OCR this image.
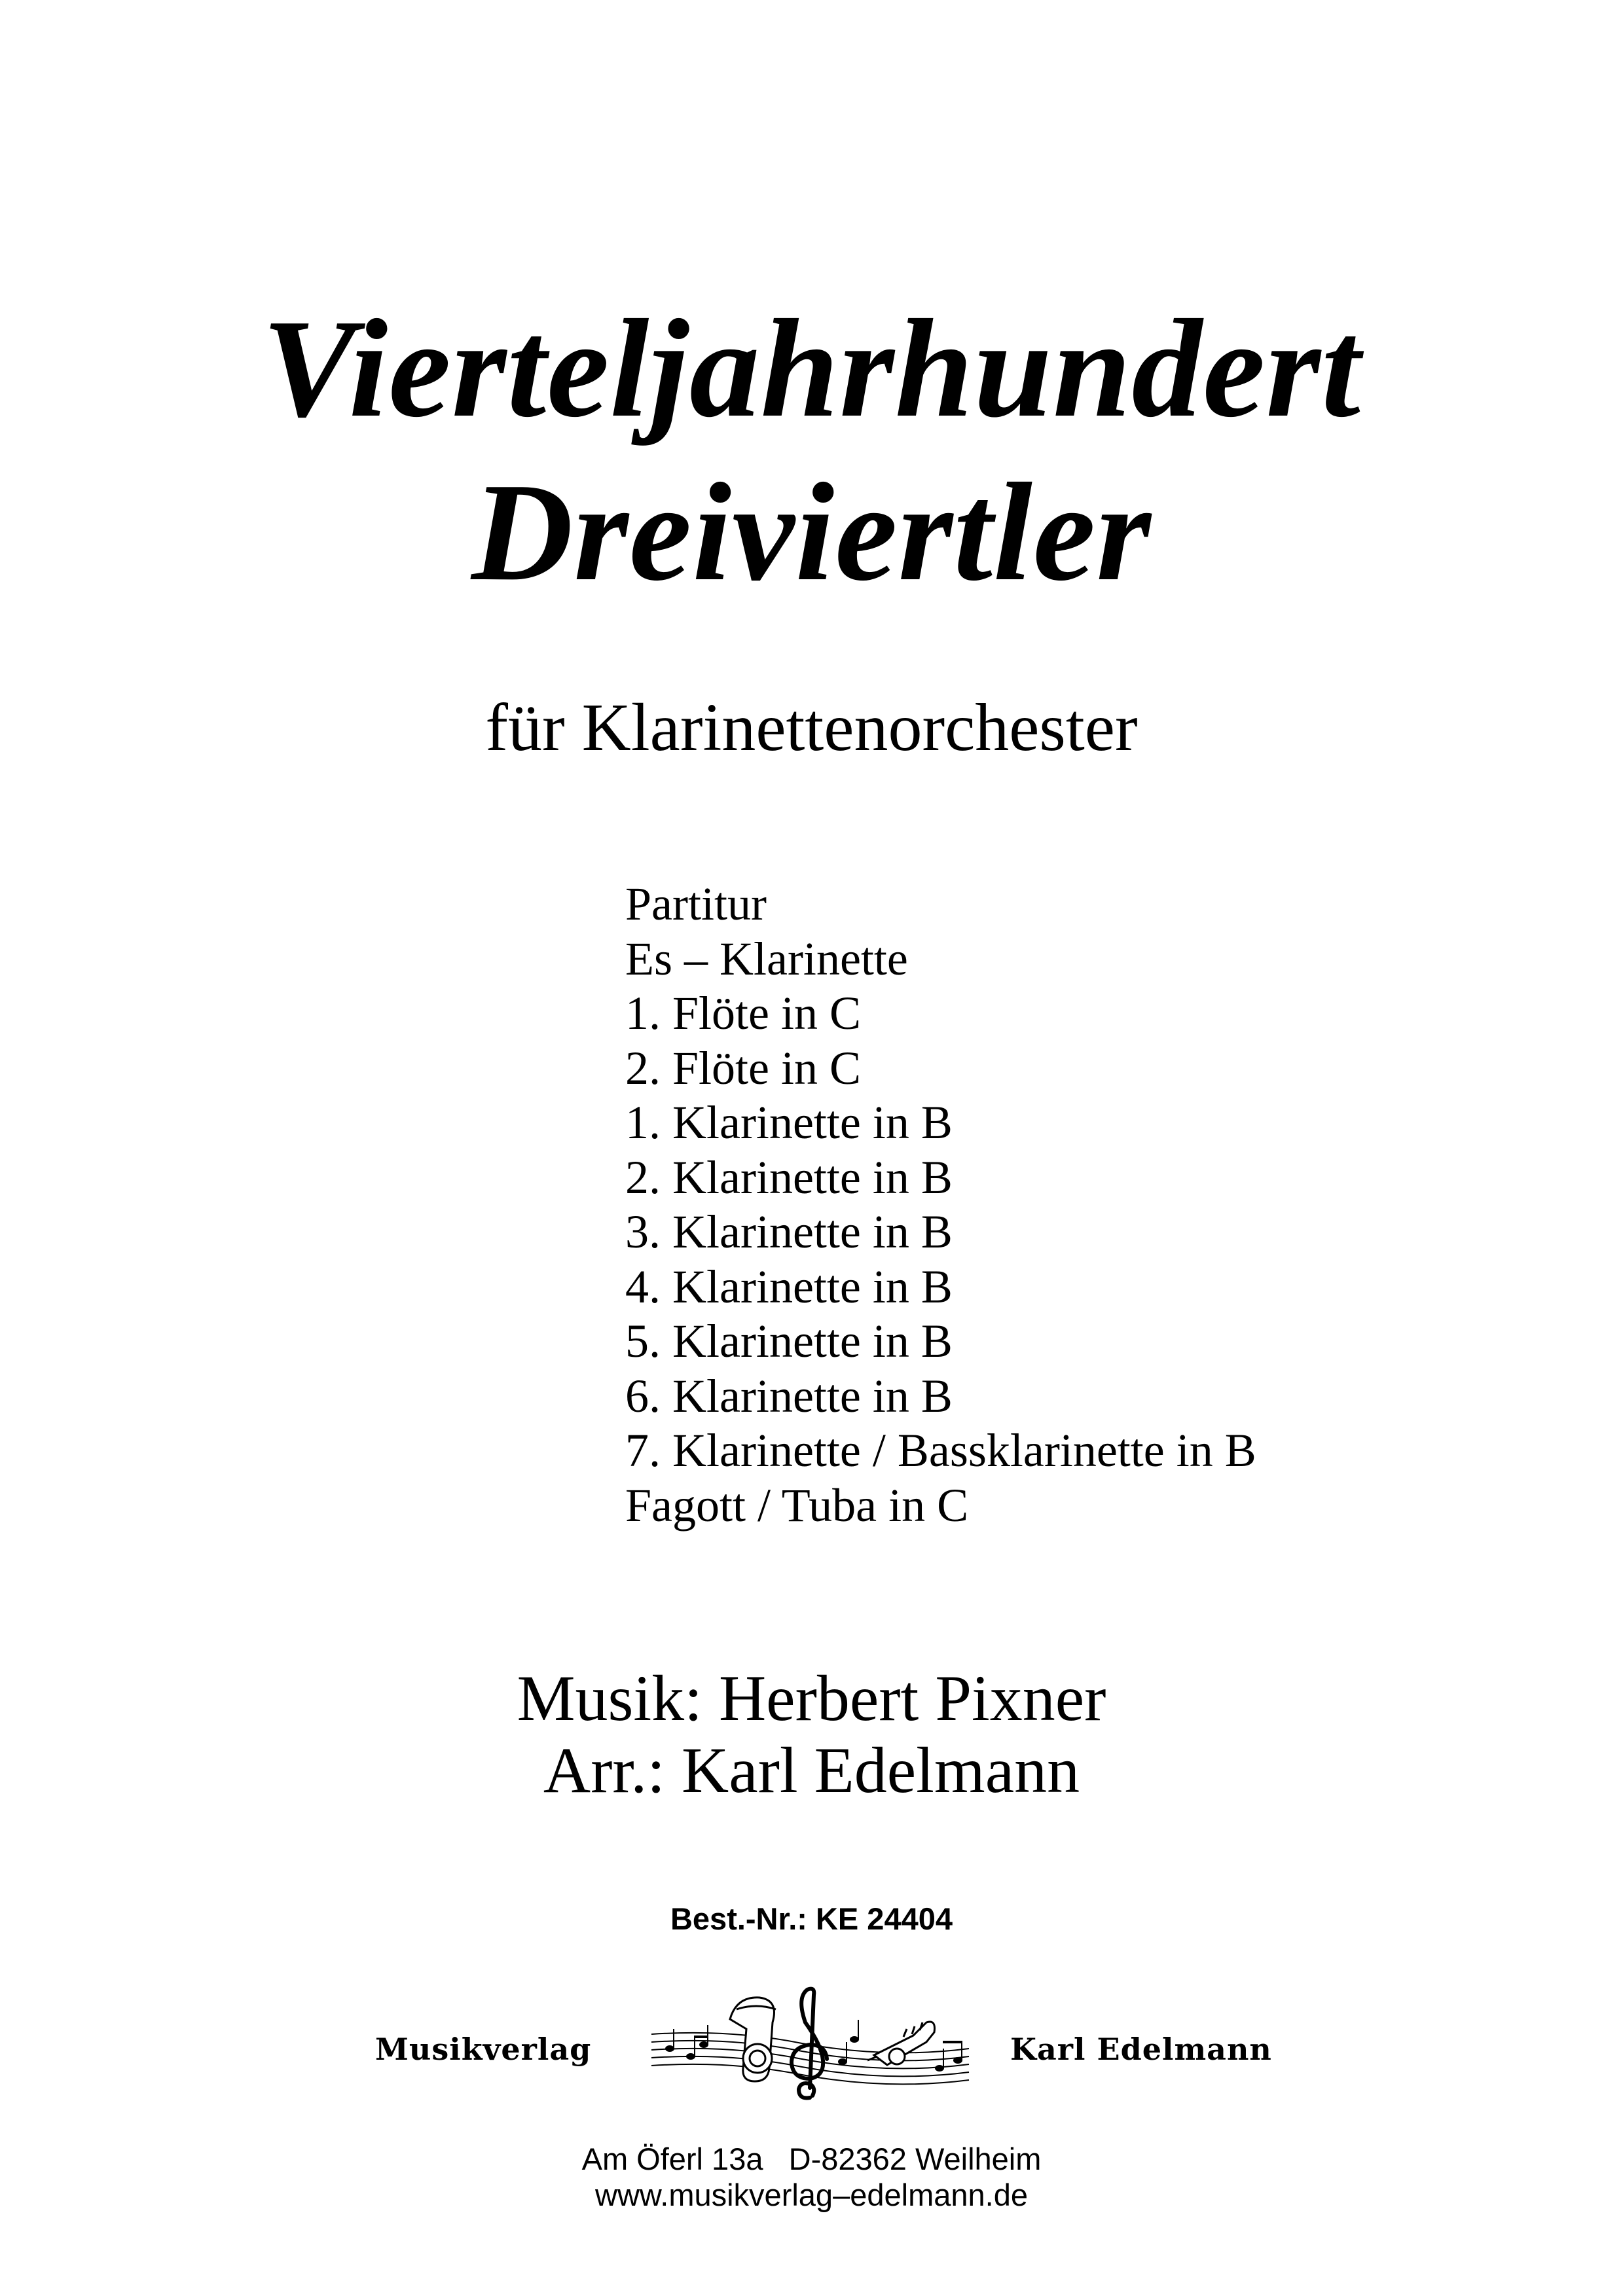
Vierteljahrhundert
Dreiviertler

für Klarinettenorchester

Partitur
Es – Klarinette
1. Flöte in C
2. Flöte in C
1. Klarinette in B
2. Klarinette in B
3. Klarinette in B
4. Klarinette in B
5. Klarinette in B
6. Klarinette in B
7. Klarinette / Bassklarinette in B
Fagott / Tuba in C

Musik: Herbert Pixner

Arr.: Karl Edelmann

Best.-Nr.: KE 24404

Musikverlag	Karl Edelmann

Am Öferl 13a   D-82362 Weilheim

www.musikverlag–edelmann.de
